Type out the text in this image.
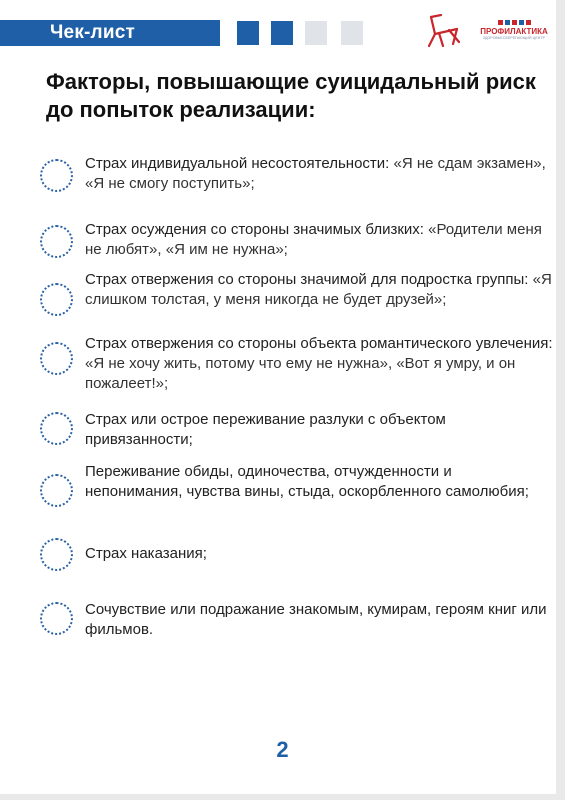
Чек-лист	ПРОФИЛАКТИКА
ЗДОРОВЬЕСБЕРЕГАЮЩИЙ ЦЕНТР
Факторы, повышающие суицидальный риск до попыток реализации:
Страх индивидуальной несостоятельности: «Я не сдам экзамен», «Я не смогу поступить»;
Страх осуждения со стороны значимых близких: «Родители меня не любят», «Я им не нужна»;
Страх отвержения со стороны значимой для подростка группы: «Я слишком толстая, у меня никогда не будет друзей»;
Страх отвержения со стороны объекта романтического увлечения: «Я не хочу жить, потому что ему не нужна», «Вот я умру, и он пожалеет!»;
Страх или острое переживание разлуки с объектом привязанности;
Переживание обиды, одиночества, отчужденности и непонимания, чувства вины, стыда, оскорбленного самолюбия;
Страх наказания;
Сочувствие или подражание знакомым, кумирам, героям книг или фильмов.
2
